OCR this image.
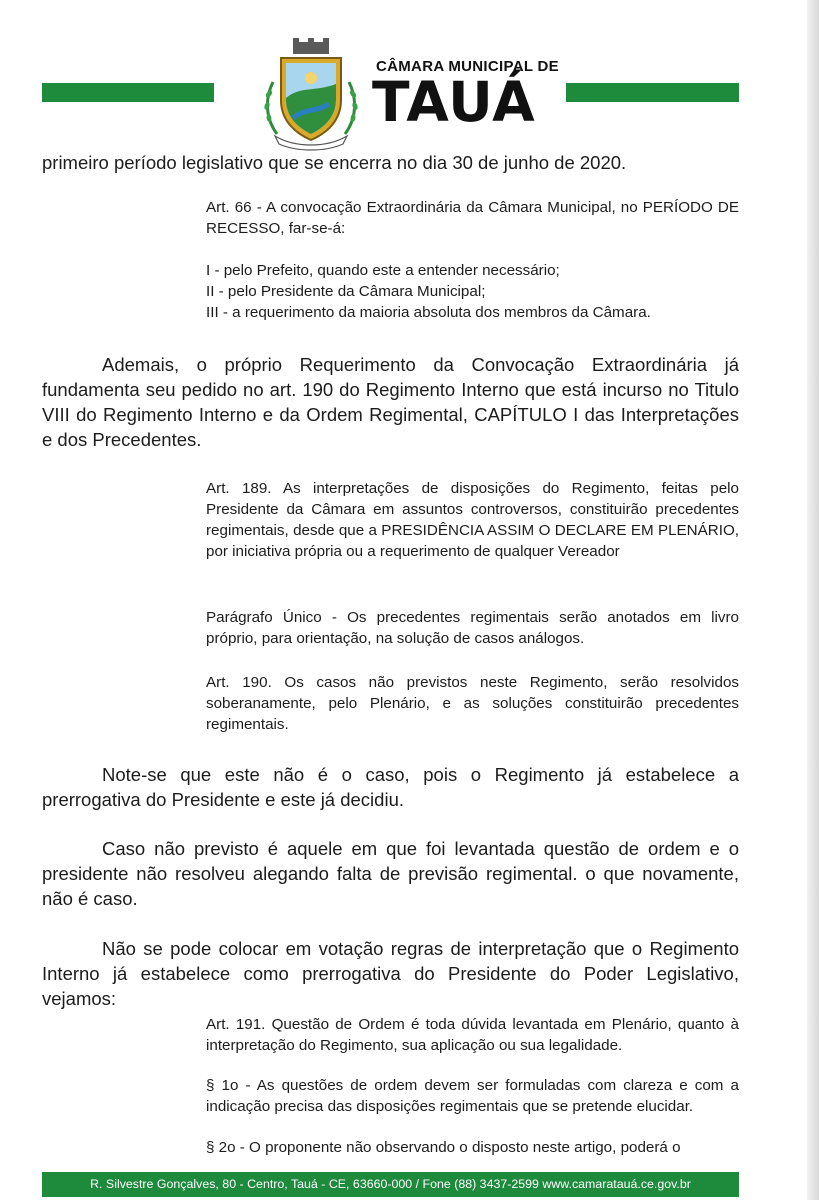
CÂMARA MUNICIPAL DE
TAUÁ

primeiro período legislativo que se encerra no dia 30 de junho de 2020.

Art. 66 - A convocação Extraordinária da Câmara Municipal, no PERÍODO DE RECESSO, far-se-á:
I - pelo Prefeito, quando este a entender necessário;
II - pelo Presidente da Câmara Municipal;
III - a requerimento da maioria absoluta dos membros da Câmara.

Ademais, o próprio Requerimento da Convocação Extraordinária já fundamenta seu pedido no art. 190 do Regimento Interno que está incurso no Titulo VIII do Regimento Interno e da Ordem Regimental, CAPÍTULO I das Interpretações e dos Precedentes.

Art. 189. As interpretações de disposições do Regimento, feitas pelo Presidente da Câmara em assuntos controversos, constituirão precedentes regimentais, desde que a PRESIDÊNCIA ASSIM O DECLARE EM PLENÁRIO, por iniciativa própria ou a requerimento de qualquer Vereador

Parágrafo Único - Os precedentes regimentais serão anotados em livro próprio, para orientação, na solução de casos análogos.

Art. 190. Os casos não previstos neste Regimento, serão resolvidos soberanamente, pelo Plenário, e as soluções constituirão precedentes regimentais.

Note-se que este não é o caso, pois o Regimento já estabelece a prerrogativa do Presidente e este já decidiu.

Caso não previsto é aquele em que foi levantada questão de ordem e o presidente não resolveu alegando falta de previsão regimental. o que novamente, não é caso.

Não se pode colocar em votação regras de interpretação que o Regimento Interno já estabelece como prerrogativa do Presidente do Poder Legislativo, vejamos:

Art. 191. Questão de Ordem é toda dúvida levantada em Plenário, quanto à interpretação do Regimento, sua aplicação ou sua legalidade.

§ 1o - As questões de ordem devem ser formuladas com clareza e com a indicação precisa das disposições regimentais que se pretende elucidar.

§ 2o - O proponente não observando o disposto neste artigo, poderá o

R. Silvestre Gonçalves, 80 - Centro, Tauá - CE, 63660-000 / Fone (88) 3437-2599 www.camaratauá.ce.gov.br
